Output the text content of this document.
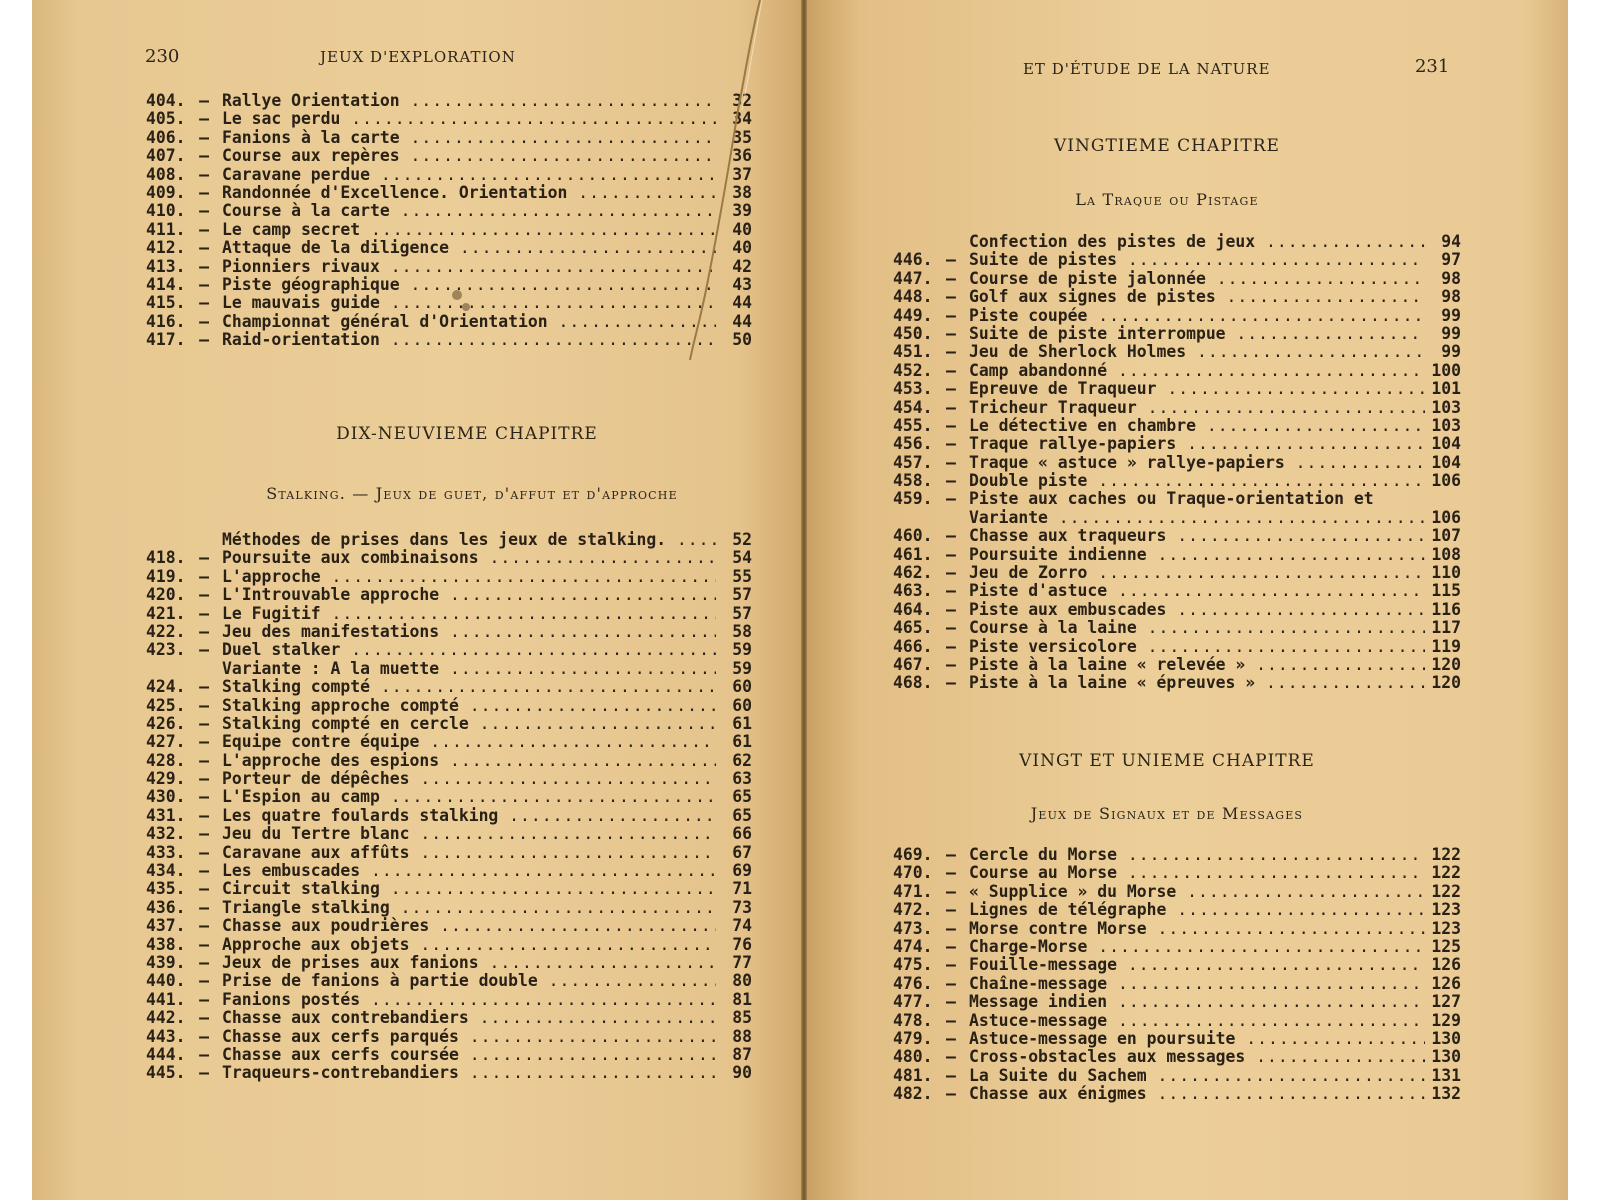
230	JEUX D'EXPLORATION
404. — Rallye Orientation .....	32
405. — Le sac perdu .....	34
406. — Fanions à la carte .....	35
407. — Course aux repères .....	36
408. — Caravane perdue .....	37
409. — Randonnée d'Excellence. Orientation .....	38
410. — Course à la carte .....	39
411. — Le camp secret .....	40
412. — Attaque de la diligence .....	40
413. — Pionniers rivaux .....	42
414. — Piste géographique .....	43
415. — Le mauvais guide .....	44
416. — Championnat général d'Orientation .....	44
417. — Raid-orientation .....	50
DIX-NEUVIEME CHAPITRE
Stalking. — Jeux de guet, d'affut et d'approche
Méthodes de prises dans les jeux de stalking. .....	52
418. — Poursuite aux combinaisons .....	54
419. — L'approche .....	55
420. — L'Introuvable approche .....	57
421. — Le Fugitif .....	57
422. — Jeu des manifestations .....	58
423. — Duel stalker .....	59
Variante : A la muette .....	59
424. — Stalking compté .....	60
425. — Stalking approche compté .....	60
426. — Stalking compté en cercle .....	61
427. — Equipe contre équipe .....	61
428. — L'approche des espions .....	62
429. — Porteur de dépêches .....	63
430. — L'Espion au camp .....	65
431. — Les quatre foulards stalking .....	65
432. — Jeu du Tertre blanc .....	66
433. — Caravane aux affûts .....	67
434. — Les embuscades .....	69
435. — Circuit stalking .....	71
436. — Triangle stalking .....	73
437. — Chasse aux poudrières .....	74
438. — Approche aux objets .....	76
439. — Jeux de prises aux fanions .....	77
440. — Prise de fanions à partie double .....	80
441. — Fanions postés .....	81
442. — Chasse aux contrebandiers .....	85
443. — Chasse aux cerfs parqués .....	88
444. — Chasse aux cerfs coursée .....	87
445. — Traqueurs-contrebandiers .....	90
ET D'ÉTUDE DE LA NATURE	231
VINGTIEME CHAPITRE
La Traque ou Pistage
Confection des pistes de jeux .....	94
446. — Suite de pistes .....	97
447. — Course de piste jalonnée .....	98
448. — Golf aux signes de pistes .....	98
449. — Piste coupée .....	99
450. — Suite de piste interrompue .....	99
451. — Jeu de Sherlock Holmes .....	99
452. — Camp abandonné .....	100
453. — Epreuve de Traqueur .....	101
454. — Tricheur Traqueur .....	103
455. — Le détective en chambre .....	103
456. — Traque rallye-papiers .....	104
457. — Traque « astuce » rallye-papiers .....	104
458. — Double piste .....	106
459. — Piste aux caches ou Traque-orientation et
Variante .....	106
460. — Chasse aux traqueurs .....	107
461. — Poursuite indienne .....	108
462. — Jeu de Zorro .....	110
463. — Piste d'astuce .....	115
464. — Piste aux embuscades .....	116
465. — Course à la laine .....	117
466. — Piste versicolore .....	119
467. — Piste à la laine « relevée » .....	120
468. — Piste à la laine « épreuves » .....	120
VINGT ET UNIEME CHAPITRE
Jeux de Signaux et de Messages
469. — Cercle du Morse .....	122
470. — Course au Morse .....	122
471. — « Supplice » du Morse .....	122
472. — Lignes de télégraphe .....	123
473. — Morse contre Morse .....	123
474. — Charge-Morse .....	125
475. — Fouille-message .....	126
476. — Chaîne-message .....	126
477. — Message indien .....	127
478. — Astuce-message .....	129
479. — Astuce-message en poursuite .....	130
480. — Cross-obstacles aux messages .....	130
481. — La Suite du Sachem .....	131
482. — Chasse aux énigmes .....	132
